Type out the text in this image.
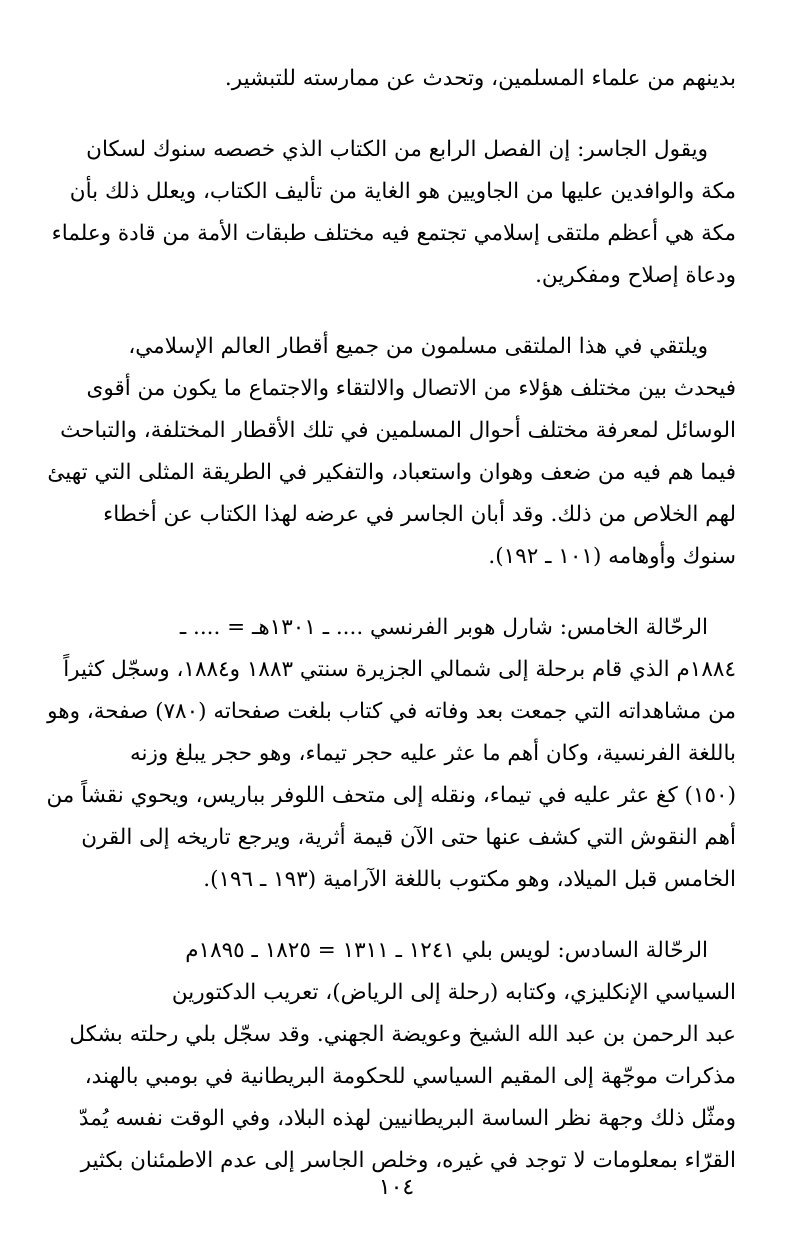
بدينهم من علماء المسلمين، وتحدث عن ممارسته للتبشير.
ويقول الجاسر: إن الفصل الرابع من الكتاب الذي خصصه سنوك لسكان
مكة والوافدين عليها من الجاويين هو الغاية من تأليف الكتاب، ويعلل ذلك بأن
مكة هي أعظم ملتقى إسلامي تجتمع فيه مختلف طبقات الأمة من قادة وعلماء
ودعاة إصلاح ومفكرين.
ويلتقي في هذا الملتقى مسلمون من جميع أقطار العالم الإسلامي،
فيحدث بين مختلف هؤلاء من الاتصال والالتقاء والاجتماع ما يكون من أقوى
الوسائل لمعرفة مختلف أحوال المسلمين في تلك الأقطار المختلفة، والتباحث
فيما هم فيه من ضعف وهوان واستعباد، والتفكير في الطريقة المثلى التي تهيئ
لهم الخلاص من ذلك. وقد أبان الجاسر في عرضه لهذا الكتاب عن أخطاء
سنوك وأوهامه (١٠١ ـ ١٩٢).
الرحّالة الخامس: شارل هوبر الفرنسي .... ـ ١٣٠١هـ = .... ـ
١٨٨٤م الذي قام برحلة إلى شمالي الجزيرة سنتي ١٨٨٣ و١٨٨٤، وسجّل كثيراً
من مشاهداته التي جمعت بعد وفاته في كتاب بلغت صفحاته (٧٨٠) صفحة، وهو
باللغة الفرنسية، وكان أهم ما عثر عليه حجر تيماء، وهو حجر يبلغ وزنه
(١٥٠) كغ عثر عليه في تيماء، ونقله إلى متحف اللوفر بباريس، ويحوي نقشاً من
أهم النقوش التي كشف عنها حتى الآن قيمة أثرية، ويرجع تاريخه إلى القرن
الخامس قبل الميلاد، وهو مكتوب باللغة الآرامية (١٩٣ ـ ١٩٦).
الرحّالة السادس: لويس بلي ١٢٤١ ـ ١٣١١ = ١٨٢٥ ـ ١٨٩٥م
السياسي الإنكليزي، وكتابه (رحلة إلى الرياض)، تعريب الدكتورين
عبد الرحمن بن عبد الله الشيخ وعويضة الجهني. وقد سجّل بلي رحلته بشكل
مذكرات موجّهة إلى المقيم السياسي للحكومة البريطانية في بومبي بالهند،
ومثّل ذلك وجهة نظر الساسة البريطانيين لهذه البلاد، وفي الوقت نفسه يُمدّ
القرّاء بمعلومات لا توجد في غيره، وخلص الجاسر إلى عدم الاطمئنان بكثير
١٠٤
